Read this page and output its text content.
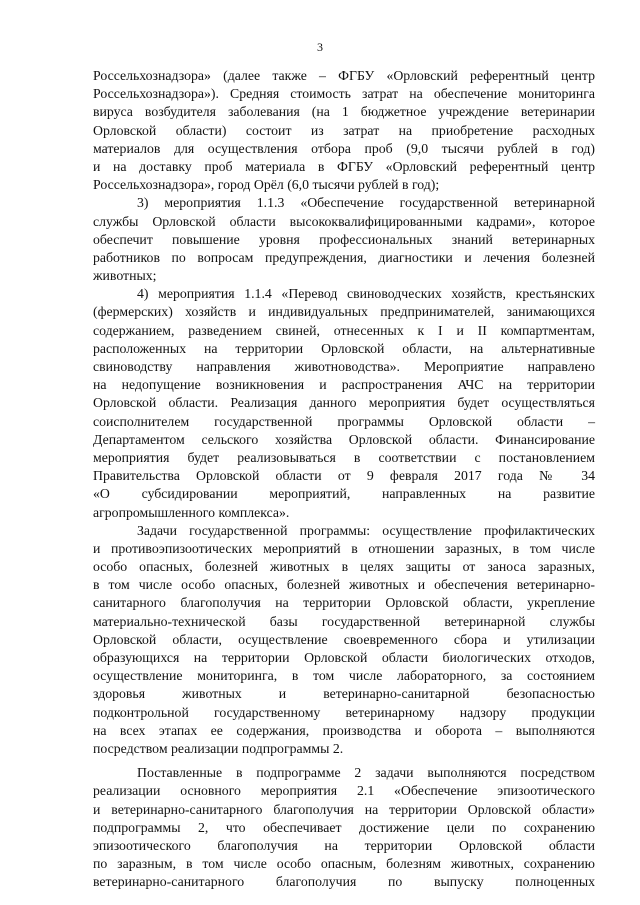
3
Россельхознадзора» (далее также – ФГБУ «Орловский референтный центр
Россельхознадзора»). Средняя стоимость затрат на обеспечение мониторинга
вируса возбудителя заболевания (на 1 бюджетное учреждение ветеринарии
Орловской области) состоит из затрат на приобретение расходных
материалов для осуществления отбора проб (9,0 тысячи рублей в год)
и на доставку проб материала в ФГБУ «Орловский референтный центр
Россельхознадзора», город Орёл (6,0 тысячи рублей в год);
3) мероприятия 1.1.3 «Обеспечение государственной ветеринарной
службы Орловской области высококвалифицированными кадрами», которое
обеспечит повышение уровня профессиональных знаний ветеринарных
работников по вопросам предупреждения, диагностики и лечения болезней
животных;
4) мероприятия 1.1.4 «Перевод свиноводческих хозяйств, крестьянских
(фермерских) хозяйств и индивидуальных предпринимателей, занимающихся
содержанием, разведением свиней, отнесенных к I и II компартментам,
расположенных на территории Орловской области, на альтернативные
свиноводству направления животноводства». Мероприятие направлено
на недопущение возникновения и распространения АЧС на территории
Орловской области. Реализация данного мероприятия будет осуществляться
соисполнителем государственной программы Орловской области –
Департаментом сельского хозяйства Орловской области. Финансирование
мероприятия будет реализовываться в соответствии с постановлением
Правительства Орловской области от 9 февраля 2017 года № 34
«О субсидировании мероприятий, направленных на развитие
агропромышленного комплекса».
Задачи государственной программы: осуществление профилактических
и противоэпизоотических мероприятий в отношении заразных, в том числе
особо опасных, болезней животных в целях защиты от заноса заразных,
в том числе особо опасных, болезней животных и обеспечения ветеринарно-
санитарного благополучия на территории Орловской области, укрепление
материально-технической базы государственной ветеринарной службы
Орловской области, осуществление своевременного сбора и утилизации
образующихся на территории Орловской области биологических отходов,
осуществление мониторинга, в том числе лабораторного, за состоянием
здоровья животных и ветеринарно-санитарной безопасностью
подконтрольной государственному ветеринарному надзору продукции
на всех этапах ее содержания, производства и оборота – выполняются
посредством реализации подпрограммы 2.
Поставленные в подпрограмме 2 задачи выполняются посредством
реализации основного мероприятия 2.1 «Обеспечение эпизоотического
и ветеринарно-санитарного благополучия на территории Орловской области»
подпрограммы 2, что обеспечивает достижение цели по сохранению
эпизоотического благополучия на территории Орловской области
по заразным, в том числе особо опасным, болезням животных, сохранению
ветеринарно-санитарного благополучия по выпуску полноценных
